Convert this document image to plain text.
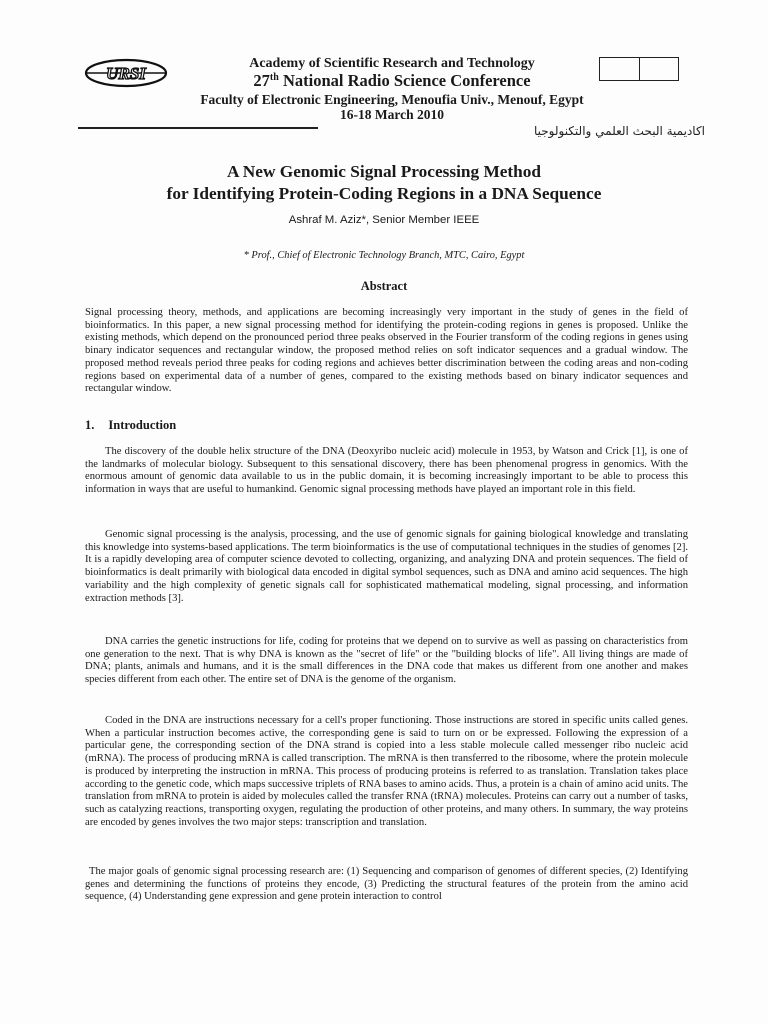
URSI
Academy of Scientific Research and Technology
27th National Radio Science Conference
Faculty of Electronic Engineering, Menoufia Univ., Menouf, Egypt
16-18 March 2010
اكاديمية البحث العلمي والتكنولوجيا
A New Genomic Signal Processing Method
for Identifying Protein-Coding Regions in a DNA Sequence
Ashraf M. Aziz*, Senior Member IEEE
* Prof., Chief of Electronic Technology Branch, MTC, Cairo, Egypt
Abstract

Signal processing theory, methods, and applications are becoming increasingly very important in the study of genes in the field of bioinformatics. In this paper, a new signal processing method for identifying the protein-coding regions in genes is proposed. Unlike the existing methods, which depend on the pronounced period three peaks observed in the Fourier transform of the coding regions in genes using binary indicator sequences and rectangular window, the proposed method relies on soft indicator sequences and a gradual window. The proposed method reveals period three peaks for coding regions and achieves better discrimination between the coding areas and non-coding regions based on experimental data of a number of genes, compared to the existing methods based on binary indicator sequences and rectangular window.

1. Introduction

The discovery of the double helix structure of the DNA (Deoxyribo nucleic acid) molecule in 1953, by Watson and Crick [1], is one of the landmarks of molecular biology. Subsequent to this sensational discovery, there has been phenomenal progress in genomics. With the enormous amount of genomic data available to us in the public domain, it is becoming increasingly important to be able to process this information in ways that are useful to humankind. Genomic signal processing methods have played an important role in this field.

Genomic signal processing is the analysis, processing, and the use of genomic signals for gaining biological knowledge and translating this knowledge into systems-based applications. The term bioinformatics is the use of computational techniques in the studies of genomes [2]. It is a rapidly developing area of computer science devoted to collecting, organizing, and analyzing DNA and protein sequences. The field of bioinformatics is dealt primarily with biological data encoded in digital symbol sequences, such as DNA and amino acid sequences. The high variability and the high complexity of genetic signals call for sophisticated mathematical modeling, signal processing, and information extraction methods [3].

DNA carries the genetic instructions for life, coding for proteins that we depend on to survive as well as passing on characteristics from one generation to the next. That is why DNA is known as the "secret of life" or the "building blocks of life". All living things are made of DNA; plants, animals and humans, and it is the small differences in the DNA code that makes us different from one another and makes species different from each other. The entire set of DNA is the genome of the organism.

Coded in the DNA are instructions necessary for a cell's proper functioning. Those instructions are stored in specific units called genes. When a particular instruction becomes active, the corresponding gene is said to turn on or be expressed. Following the expression of a particular gene, the corresponding section of the DNA strand is copied into a less stable molecule called messenger ribo nucleic acid (mRNA). The process of producing mRNA is called transcription. The mRNA is then transferred to the ribosome, where the protein molecule is produced by interpreting the instruction in mRNA. This process of producing proteins is referred to as translation. Translation takes place according to the genetic code, which maps successive triplets of RNA bases to amino acids. Thus, a protein is a chain of amino acid units. The translation from mRNA to protein is aided by molecules called the transfer RNA (tRNA) molecules. Proteins can carry out a number of tasks, such as catalyzing reactions, transporting oxygen, regulating the production of other proteins, and many others. In summary, the way proteins are encoded by genes involves the two major steps: transcription and translation.

The major goals of genomic signal processing research are: (1) Sequencing and comparison of genomes of different species, (2) Identifying genes and determining the functions of proteins they encode, (3) Predicting the structural features of the protein from the amino acid sequence, (4) Understanding gene expression and gene protein interaction to control
